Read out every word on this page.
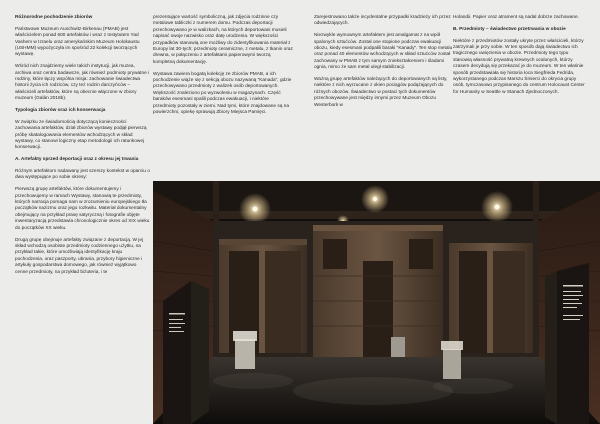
Różnorodne pochodzenie zbiorów

Państwowe Muzeum Auschwitz-Birkenau (PMAB) jest właścicielem ponad 600 artefaktów i wraz z Instytutem Yad Vashem w Izraelu oraz amerykańskim Muzeum Holokaustu (USHMM) wypożyczyła im spośród 22 kolekcji tworzących wystawę.

Wśród nich znajdziemy wiele takich instytucji, jak muzea, archiwa oraz centra badawcze, jak również podmioty prywatne i rodziny, które łączy wspólna misja: zachowanie świadectwa historii życia ich rodziców, czy też rodzin darczyńców – właścicieli artefaktów, które są obecnie włączone w zbiory muzeum (Galán 2018b).

Typologia zbiorów oraz ich konserwacja

W związku ze świadomością dotyczącą konieczności zachowania artefaktów, dział zbiorów wystawy podjął pierwszą próbę skatalogowania elementów wchodzących w skład wystawy, co stanowi logiczny etap metodologii ich ratunkowej konserwacji.

A. Artefakty sprzed deportacji oraz z okresu jej trwania

Różnym artefaktom nadawany jest szerszy kontekst w oparciu o dwa występujące po sobie okresy:

Pierwszą grupę artefaktów, które dokumentujemy i przechowujemy w ramach Wystawy, stanowią te przedmioty, których narracja pomaga nam w zrozumieniu europejskiego tła początków nazizmu oraz jego rozkwitu. Materiał dokumentalny obejmujący na przykład prasę satyryczną i fotografie objęte inwentaryzacją przedstawia chronologicznie okres od XIX wieku do początków XX wieku.

Drugą grupę obejmuje artefakty związane z deportacją. W jej skład wchodzą osobiste przedmioty codziennego użytku, na przykład takie, które umożliwiają identyfikację kraju pochodzenia, oraz paszporty, ubrania, przybory higieniczne i artykuły gospodarstwa domowego, jak również wyjątkowo cenne przedmioty, na przykład biżuteria, i te

prezentujące wartość symboliczną, jak zdjęcia rodzinne czy metalowe tabliczki z numerem domu. Podczas deportacji przechowywano je w walizkach, na których deportowani musieli napisać swoje nazwisko oraz datę urodzenia. W większości przypadków stanowią one możliwy do zidentyfikowania materiał z Europy lat 30-tych; przedmioty ceramiczne, z metalu, z tkanin oraz drewna, w połączeniu z artefaktami papierowymi tworzą kompletną dokumentację.

Wystawa zawiera bogatą kolekcję ze zbiorów PMAB, a ich pochodzenie wiąże się z sekcją obozu nazywaną "Kanada", gdzie przechowywano przedmioty z walizek osób deportowanych. Większość znaleziono po wyzwoleniu w magazynach. Część baraków esesmani spalili podczas ewakuacji, i niektóre przedmioty pozostały w ziemi. Nad tymi, które znajdowane są na powierzchni, opiekę sprawują Zbiory Miejsca Pamięci.

Zarejestrowano także incydentalne przypadki kradzieży ich przez odwiedzających.

Niezwykle wymownym artefaktem jest amalgamat z na wpół spalonych sztućców. Został one stopione podczas ewakuacji obozu, kiedy esesmani podpalili baraki "Kanady". Ten stop metalu oraz ponad 40 elementów wchodzących w skład sztućców został zachowany w PMAB z tym samym zniekształceniem i śladami ognia, mimo że sam metal uległ stabilizacji.

Ważną grupę artefaktów należących do deportowanych są listy, niektóre z nich wyrzucane z okien pociągów podążających do różnych obozów. Świadectwo w postaci tych dokumentów przechowywane jest między innymi przez Muzeum Obozu Westerbork w

Holandii. Papier oraz atrament są nadal dobrze zachowane.

B. Przedmioty – świadectwo przetrwania w obozie

Niektóre z przedmiotów zostały ukryte przez właścicieli, którzy zatrzymali je przy sobie. W ten sposób dają świadectwo ich tragicznego uwięzienia w obozie. Przedmioty tego typu stanowią własność prywatną krewnych ocalonych, którzy czasem decydują się przekazać je do muzeum. W ten właśnie sposób przedstawiała się historia łoca Siegfrieda Fedrida, wykorzystanego podczas Marszu Śmierci do okrycia grupy osób, tymczasowo przypisanego do centrum Holocaust Center for Humanity w Seattle w Stanach Zjednoczonych.
